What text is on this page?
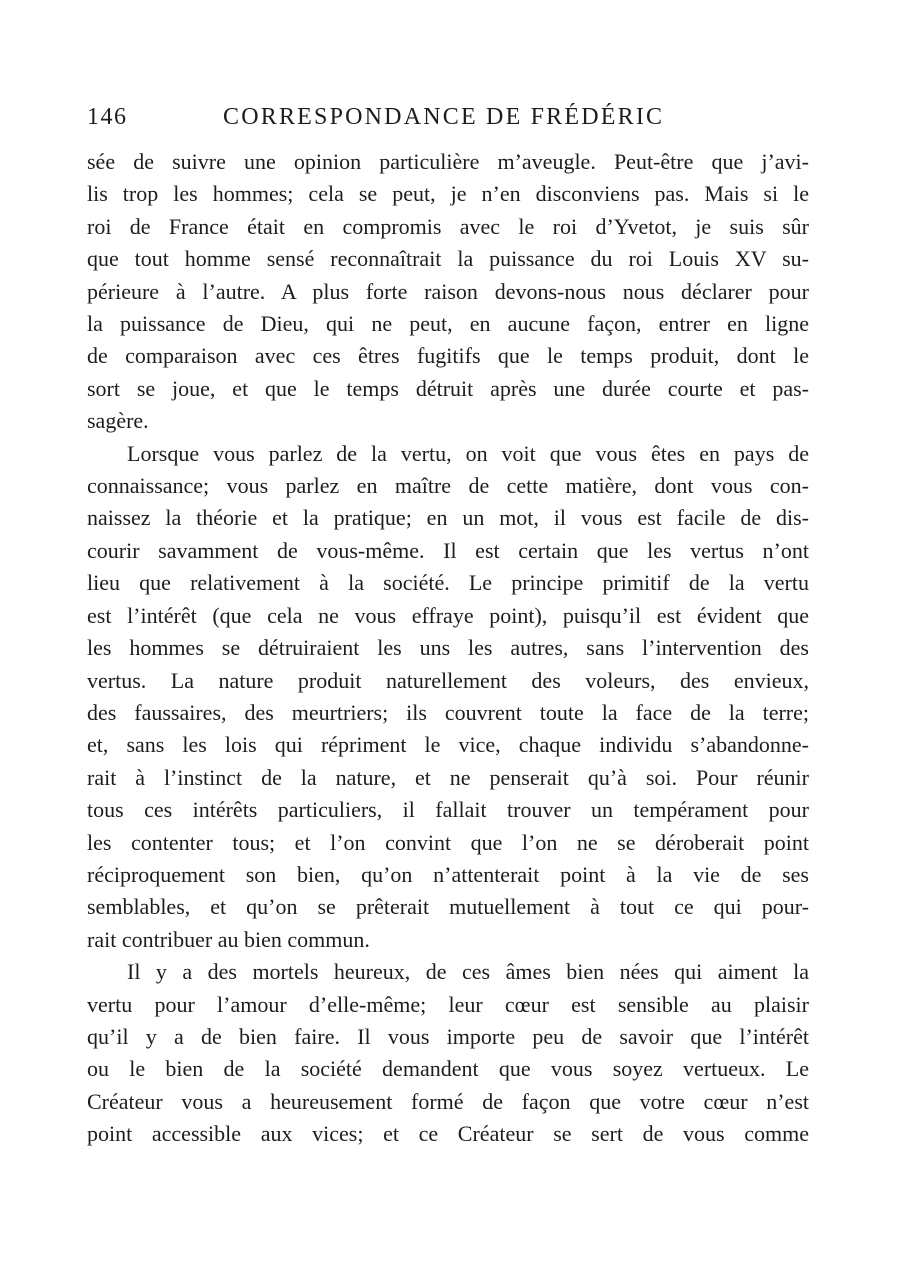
146	CORRESPONDANCE DE FRÉDÉRIC
sée de suivre une opinion particulière m’aveugle. Peut-être que j’avi-
lis trop les hommes; cela se peut, je n’en disconviens pas. Mais si le
roi de France était en compromis avec le roi d’Yvetot, je suis sûr
que tout homme sensé reconnaîtrait la puissance du roi Louis XV su-
périeure à l’autre. A plus forte raison devons-nous nous déclarer pour
la puissance de Dieu, qui ne peut, en aucune façon, entrer en ligne
de comparaison avec ces êtres fugitifs que le temps produit, dont le
sort se joue, et que le temps détruit après une durée courte et pas-
sagère.
Lorsque vous parlez de la vertu, on voit que vous êtes en pays de
connaissance; vous parlez en maître de cette matière, dont vous con-
naissez la théorie et la pratique; en un mot, il vous est facile de dis-
courir savamment de vous-même. Il est certain que les vertus n’ont
lieu que relativement à la société. Le principe primitif de la vertu
est l’intérêt (que cela ne vous effraye point), puisqu’il est évident que
les hommes se détruiraient les uns les autres, sans l’intervention des
vertus. La nature produit naturellement des voleurs, des envieux,
des faussaires, des meurtriers; ils couvrent toute la face de la terre;
et, sans les lois qui répriment le vice, chaque individu s’abandonne-
rait à l’instinct de la nature, et ne penserait qu’à soi. Pour réunir
tous ces intérêts particuliers, il fallait trouver un tempérament pour
les contenter tous; et l’on convint que l’on ne se déroberait point
réciproquement son bien, qu’on n’attenterait point à la vie de ses
semblables, et qu’on se prêterait mutuellement à tout ce qui pour-
rait contribuer au bien commun.
Il y a des mortels heureux, de ces âmes bien nées qui aiment la
vertu pour l’amour d’elle-même; leur cœur est sensible au plaisir
qu’il y a de bien faire. Il vous importe peu de savoir que l’intérêt
ou le bien de la société demandent que vous soyez vertueux. Le
Créateur vous a heureusement formé de façon que votre cœur n’est
point accessible aux vices; et ce Créateur se sert de vous comme
